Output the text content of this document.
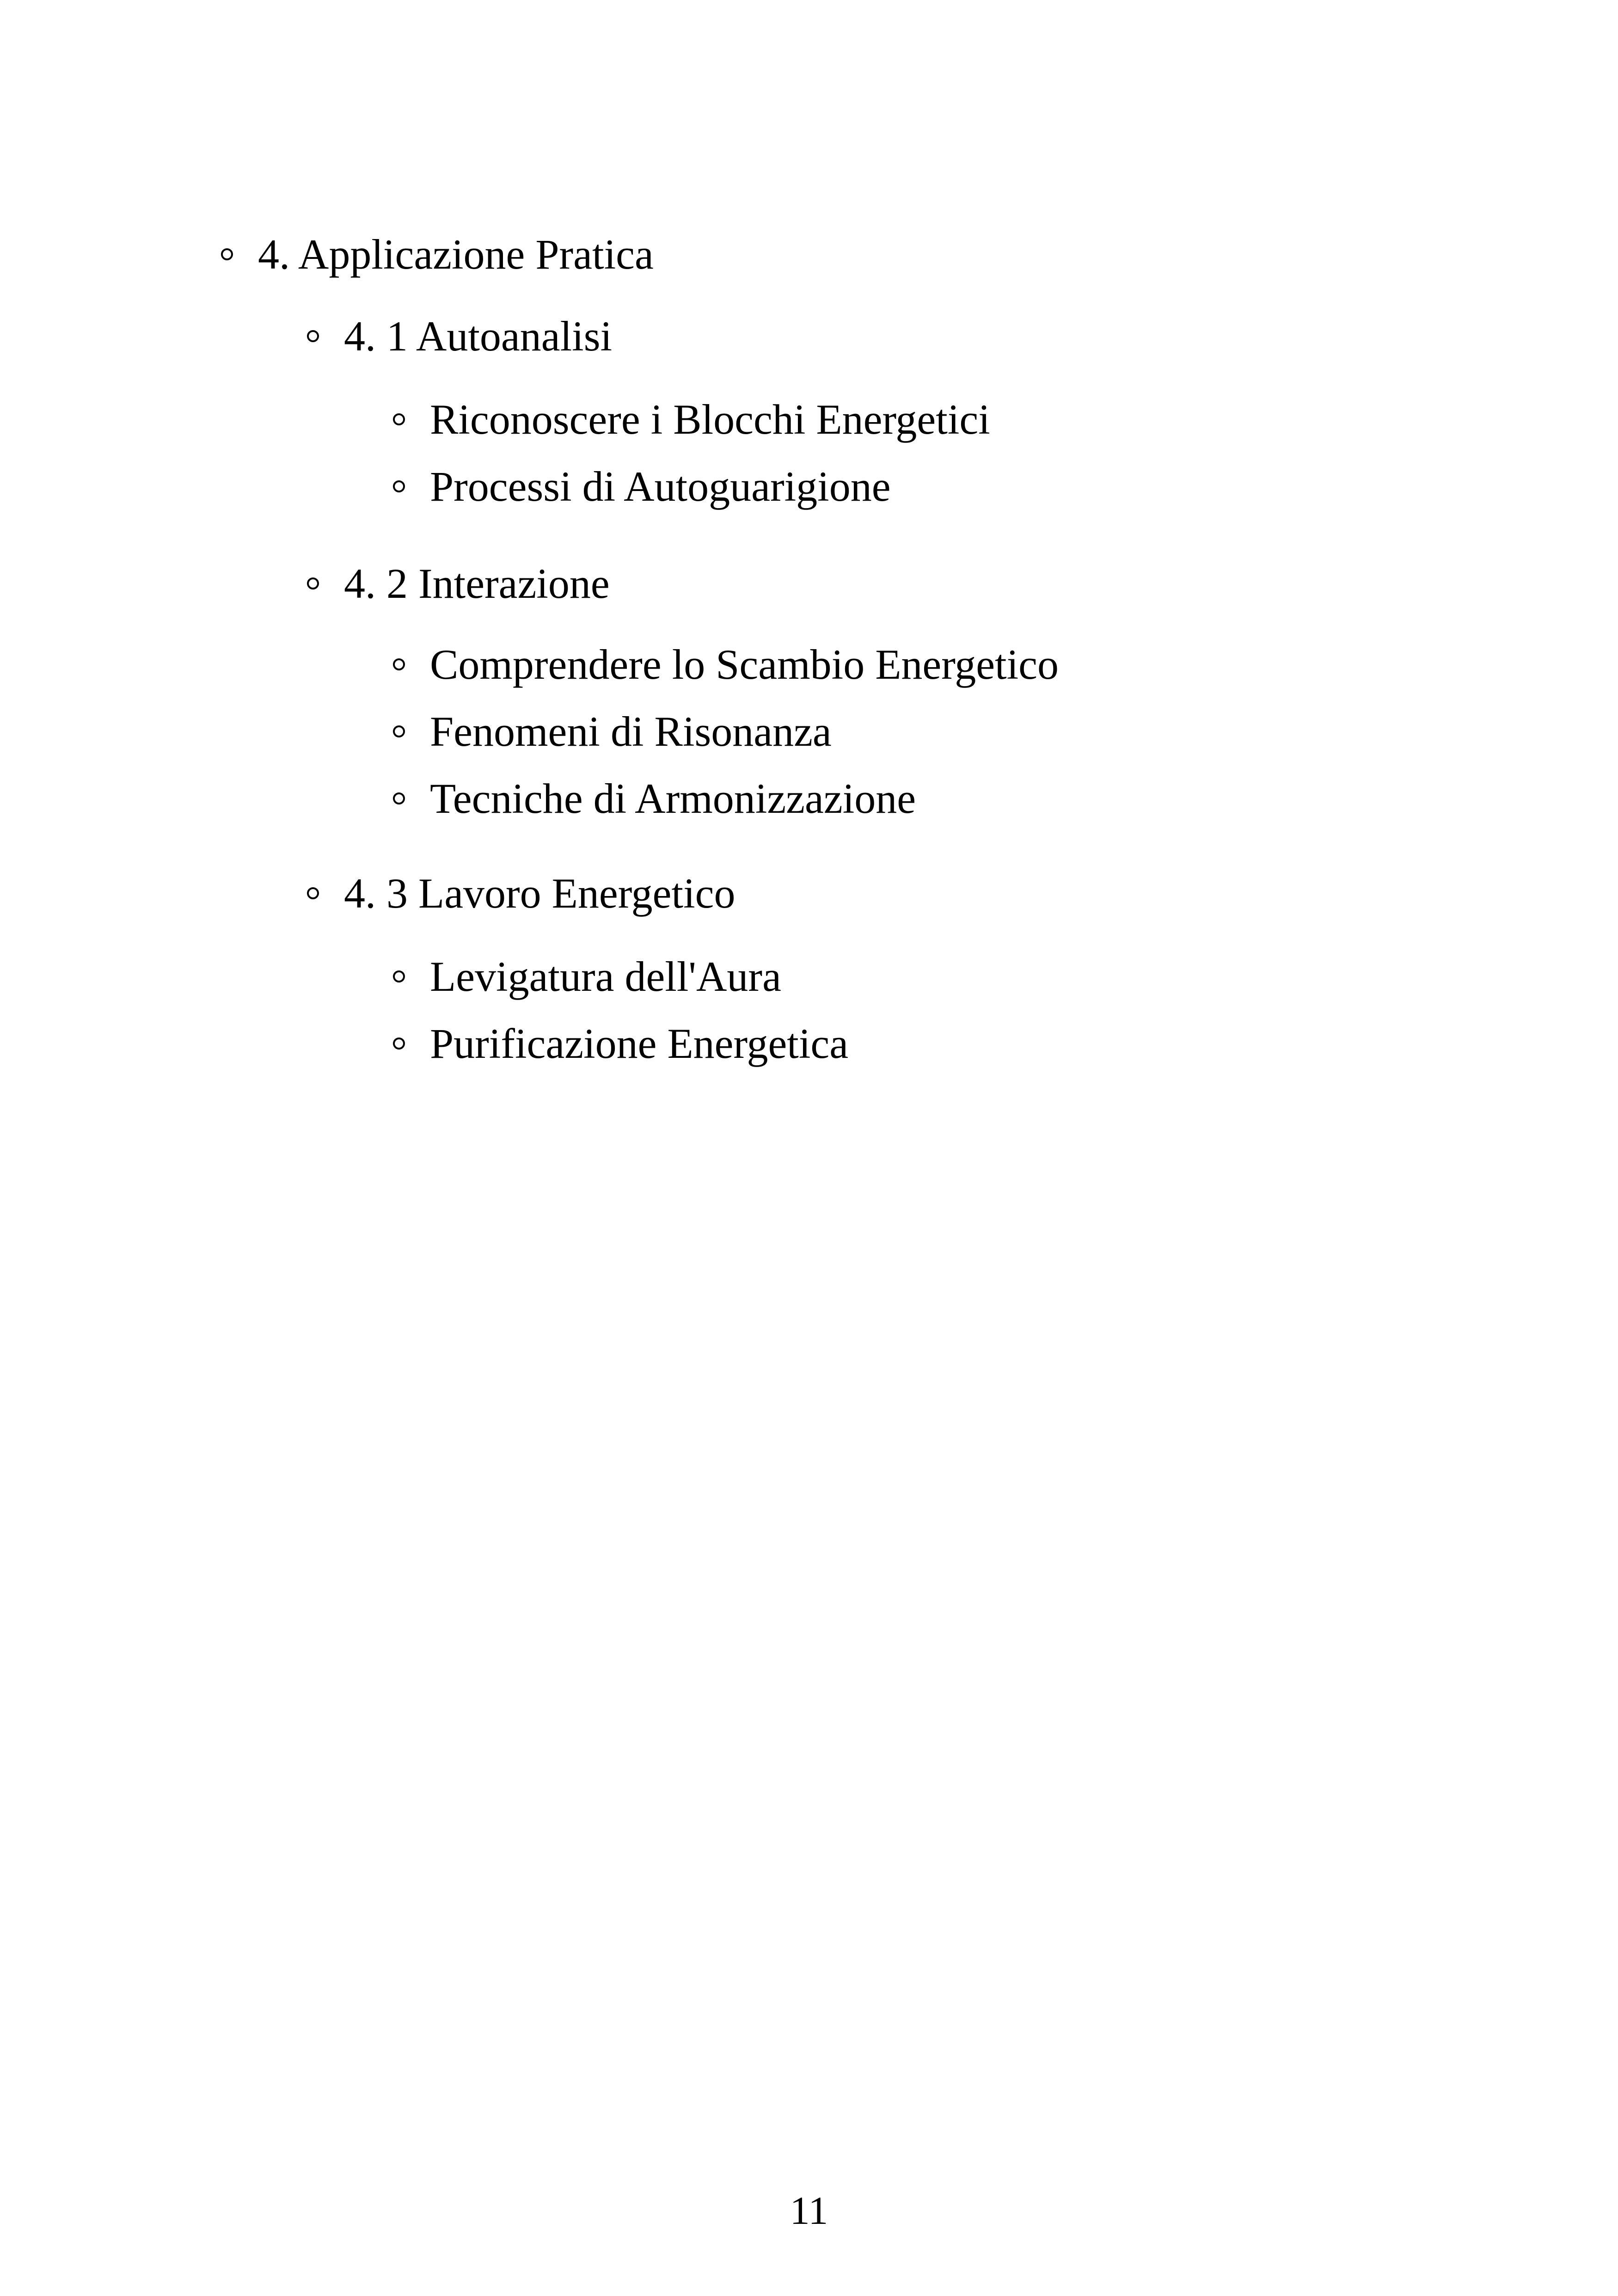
4. Applicazione Pratica
4. 1 Autoanalisi
Riconoscere i Blocchi Energetici
Processi di Autoguarigione
4. 2 Interazione
Comprendere lo Scambio Energetico
Fenomeni di Risonanza
Tecniche di Armonizzazione
4. 3 Lavoro Energetico
Levigatura dell'Aura
Purificazione Energetica
11
